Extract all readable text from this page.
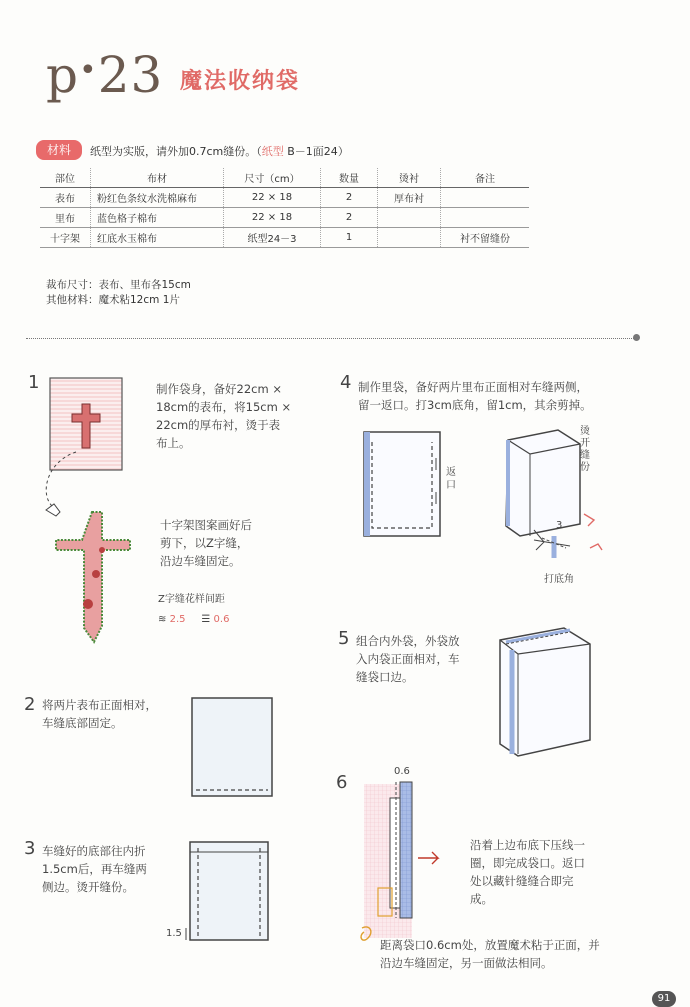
p•23 魔法收纳袋
材料	纸型为实版，请外加0.7cm缝份。（纸型 B－1面24）
部位	布材	尺寸（cm）	数量	烫衬	备注
表布	粉红色条纹水洗棉麻布	22 × 18	2	厚布衬	
里布	蓝色格子棉布	22 × 18	2		
十字架	红底水玉棉布	纸型24－3	1		衬不留缝份
裁布尺寸：表布、里布各15cm
其他材料：魔术粘12cm 1片
1	制作袋身，备好22cm ×
18cm的表布，将15cm ×
22cm的厚布衬，烫于表
布上。
十字架图案画好后
剪下，以Z字缝，
沿边车缝固定。
Z字缝花样间距
≋ 2.5 ☰ 0.6
2 将两片表布正面相对，
车缝底部固定。
3 车缝好的底部往内折
1.5cm后，再车缝两
侧边。烫开缝份。
1.5
4 制作里袋，备好两片里布正面相对车缝两侧，
留一返口。打3cm底角，留1cm，其余剪掉。
返口
烫开缝份
3
打底角
5 组合内外袋，外袋放
入内袋正面相对，车
缝袋口边。
6
0.6
沿着上边布底下压线一
圈，即完成袋口。返口
处以藏针缝缝合即完
成。
距离袋口0.6cm处，放置魔术粘于正面，并
沿边车缝固定，另一面做法相同。
91
